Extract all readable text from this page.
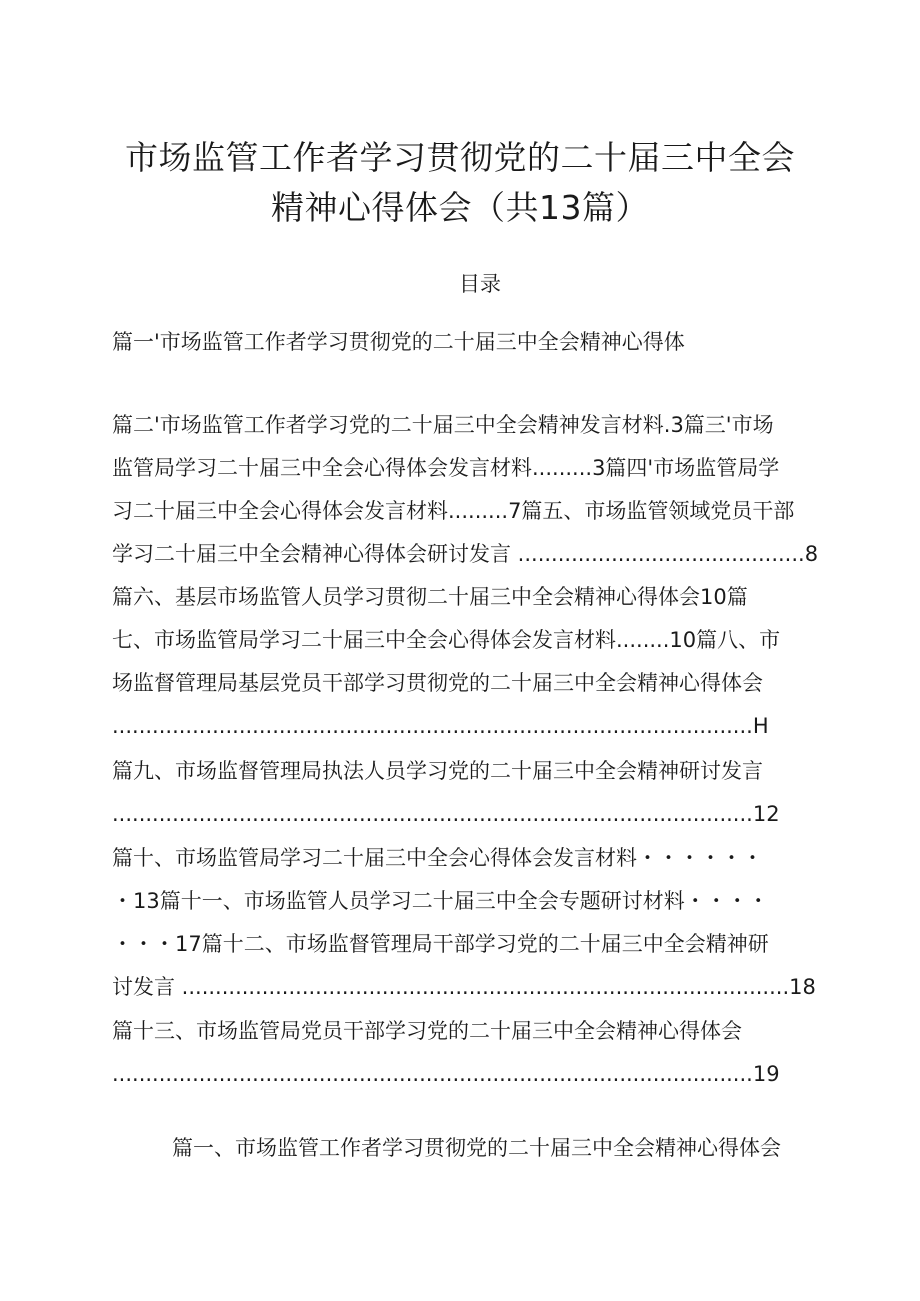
市场监管工作者学习贯彻党的二十届三中全会
精神心得体会（共13篇）
目录
篇一'市场监管工作者学习贯彻党的二十届三中全会精神心得体
篇二'市场监管工作者学习党的二十届三中全会精神发言材料.3篇三'市场
监管局学习二十届三中全会心得体会发言材料.........3篇四'市场监管局学
习二十届三中全会心得体会发言材料.........7篇五、市场监管领域党员干部
学习二十届三中全会精神心得体会研讨发言 ...........................................8
篇六、基层市场监管人员学习贯彻二十届三中全会精神心得体会10篇
七、市场监管局学习二十届三中全会心得体会发言材料........10篇八、市
场监督管理局基层党员干部学习贯彻党的二十届三中全会精神心得体会
................................................................................................H
篇九、市场监督管理局执法人员学习党的二十届三中全会精神研讨发言
................................................................................................12
篇十、市场监管局学习二十届三中全会心得体会发言材料・・・・・・
・13篇十一、市场监管人员学习二十届三中全会专题研讨材料・・・・
・・・17篇十二、市场监督管理局干部学习党的二十届三中全会精神研
讨发言 ...........................................................................................18
篇十三、市场监管局党员干部学习党的二十届三中全会精神心得体会
................................................................................................19
篇一、市场监管工作者学习贯彻党的二十届三中全会精神心得体会
